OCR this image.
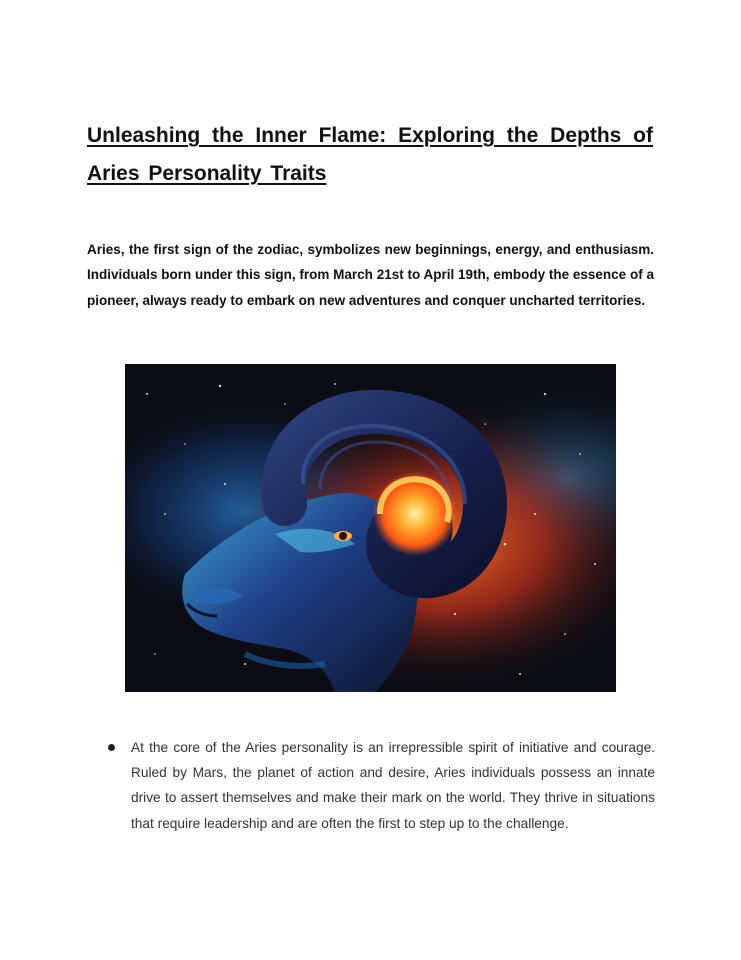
Unleashing the Inner Flame: Exploring the Depths of Aries Personality Traits

Aries, the first sign of the zodiac, symbolizes new beginnings, energy, and enthusiasm. Individuals born under this sign, from March 21st to April 19th, embody the essence of a pioneer, always ready to embark on new adventures and conquer uncharted territories.

At the core of the Aries personality is an irrepressible spirit of initiative and courage. Ruled by Mars, the planet of action and desire, Aries individuals possess an innate drive to assert themselves and make their mark on the world. They thrive in situations that require leadership and are often the first to step up to the challenge.
